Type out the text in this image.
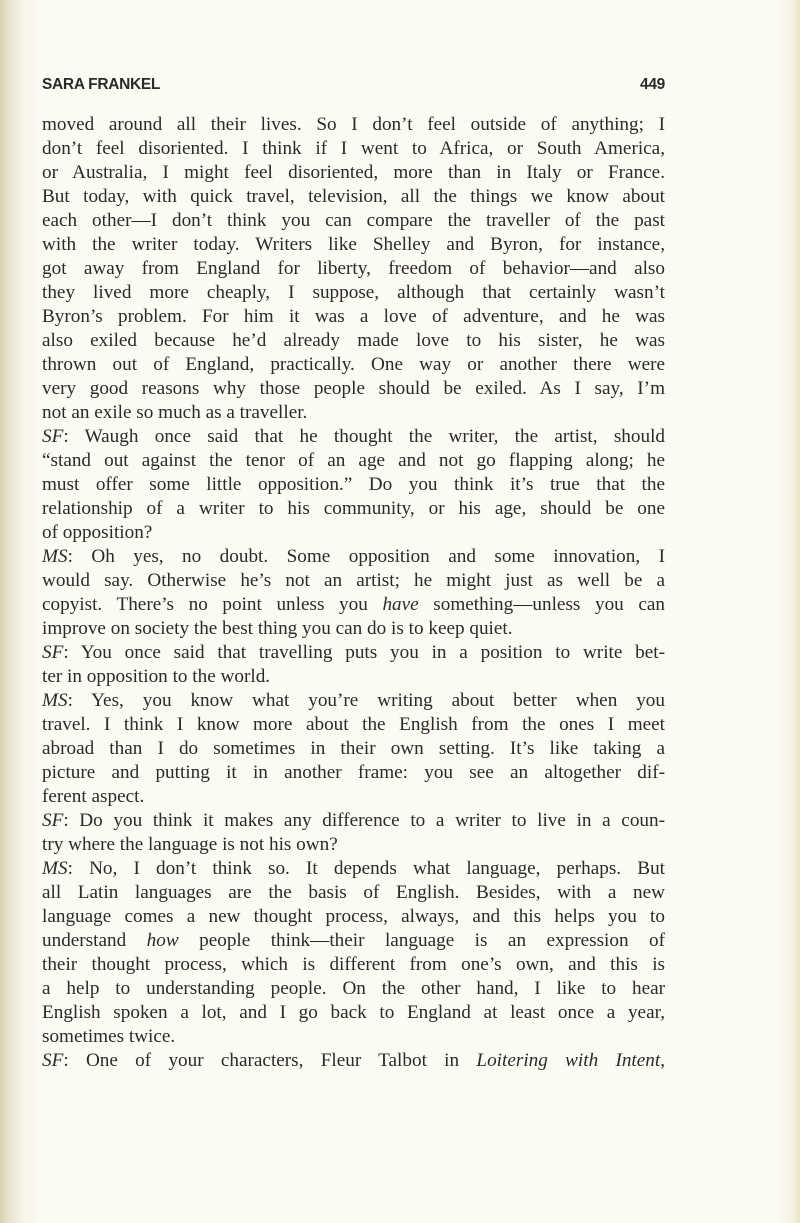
SARA FRANKEL	449
moved around all their lives. So I don’t feel outside of anything; I
don’t feel disoriented. I think if I went to Africa, or South America,
or Australia, I might feel disoriented, more than in Italy or France.
But today, with quick travel, television, all the things we know about
each other—I don’t think you can compare the traveller of the past
with the writer today. Writers like Shelley and Byron, for instance,
got away from England for liberty, freedom of behavior—and also
they lived more cheaply, I suppose, although that certainly wasn’t
Byron’s problem. For him it was a love of adventure, and he was
also exiled because he’d already made love to his sister, he was
thrown out of England, practically. One way or another there were
very good reasons why those people should be exiled. As I say, I’m
not an exile so much as a traveller.
SF: Waugh once said that he thought the writer, the artist, should
“stand out against the tenor of an age and not go flapping along; he
must offer some little opposition.” Do you think it’s true that the
relationship of a writer to his community, or his age, should be one
of opposition?
MS: Oh yes, no doubt. Some opposition and some innovation, I
would say. Otherwise he’s not an artist; he might just as well be a
copyist. There’s no point unless you have something—unless you can
improve on society the best thing you can do is to keep quiet.
SF: You once said that travelling puts you in a position to write bet-
ter in opposition to the world.
MS: Yes, you know what you’re writing about better when you
travel. I think I know more about the English from the ones I meet
abroad than I do sometimes in their own setting. It’s like taking a
picture and putting it in another frame: you see an altogether dif-
ferent aspect.
SF: Do you think it makes any difference to a writer to live in a coun-
try where the language is not his own?
MS: No, I don’t think so. It depends what language, perhaps. But
all Latin languages are the basis of English. Besides, with a new
language comes a new thought process, always, and this helps you to
understand how people think—their language is an expression of
their thought process, which is different from one’s own, and this is
a help to understanding people. On the other hand, I like to hear
English spoken a lot, and I go back to England at least once a year,
sometimes twice.
SF: One of your characters, Fleur Talbot in Loitering with Intent,
